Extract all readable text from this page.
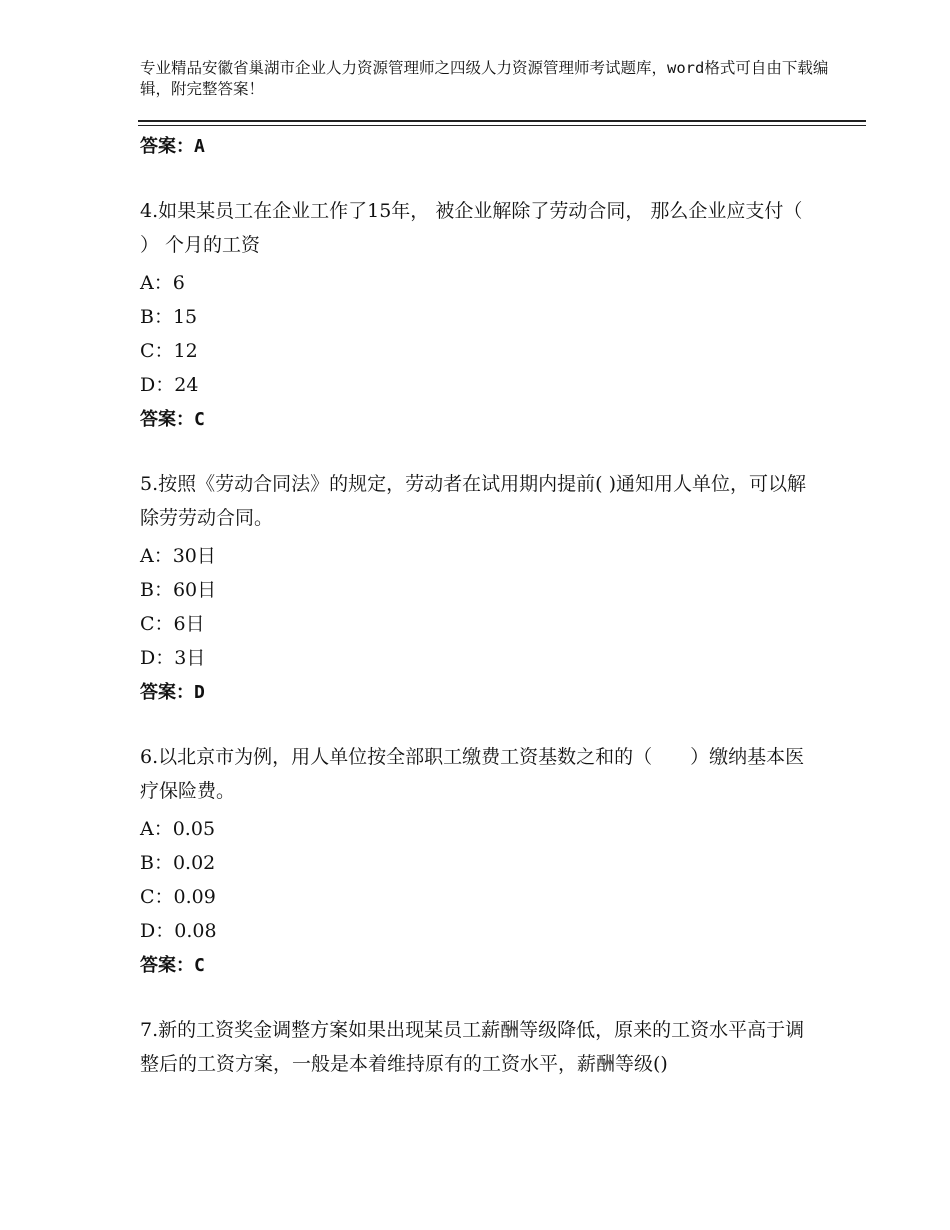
专业精品安徽省巢湖市企业人力资源管理师之四级人力资源管理师考试题库，word格式可自由下载编辑，附完整答案！
答案：A
4.如果某员工在企业工作了15年， 被企业解除了劳动合同， 那么企业应支付（ ） 个月的工资
A：6
B：15
C：12
D：24
答案：C
5.按照《劳动合同法》的规定，劳动者在试用期内提前( )通知用人单位，可以解除劳劳动合同。
A：30日
B：60日
C：6日
D：3日
答案：D
6.以北京市为例，用人单位按全部职工缴费工资基数之和的（　　）缴纳基本医疗保险费。
A：0.05
B：0.02
C：0.09
D：0.08
答案：C
7.新的工资奖金调整方案如果出现某员工薪酬等级降低，原来的工资水平高于调整后的工资方案，一般是本着维持原有的工资水平，薪酬等级()
